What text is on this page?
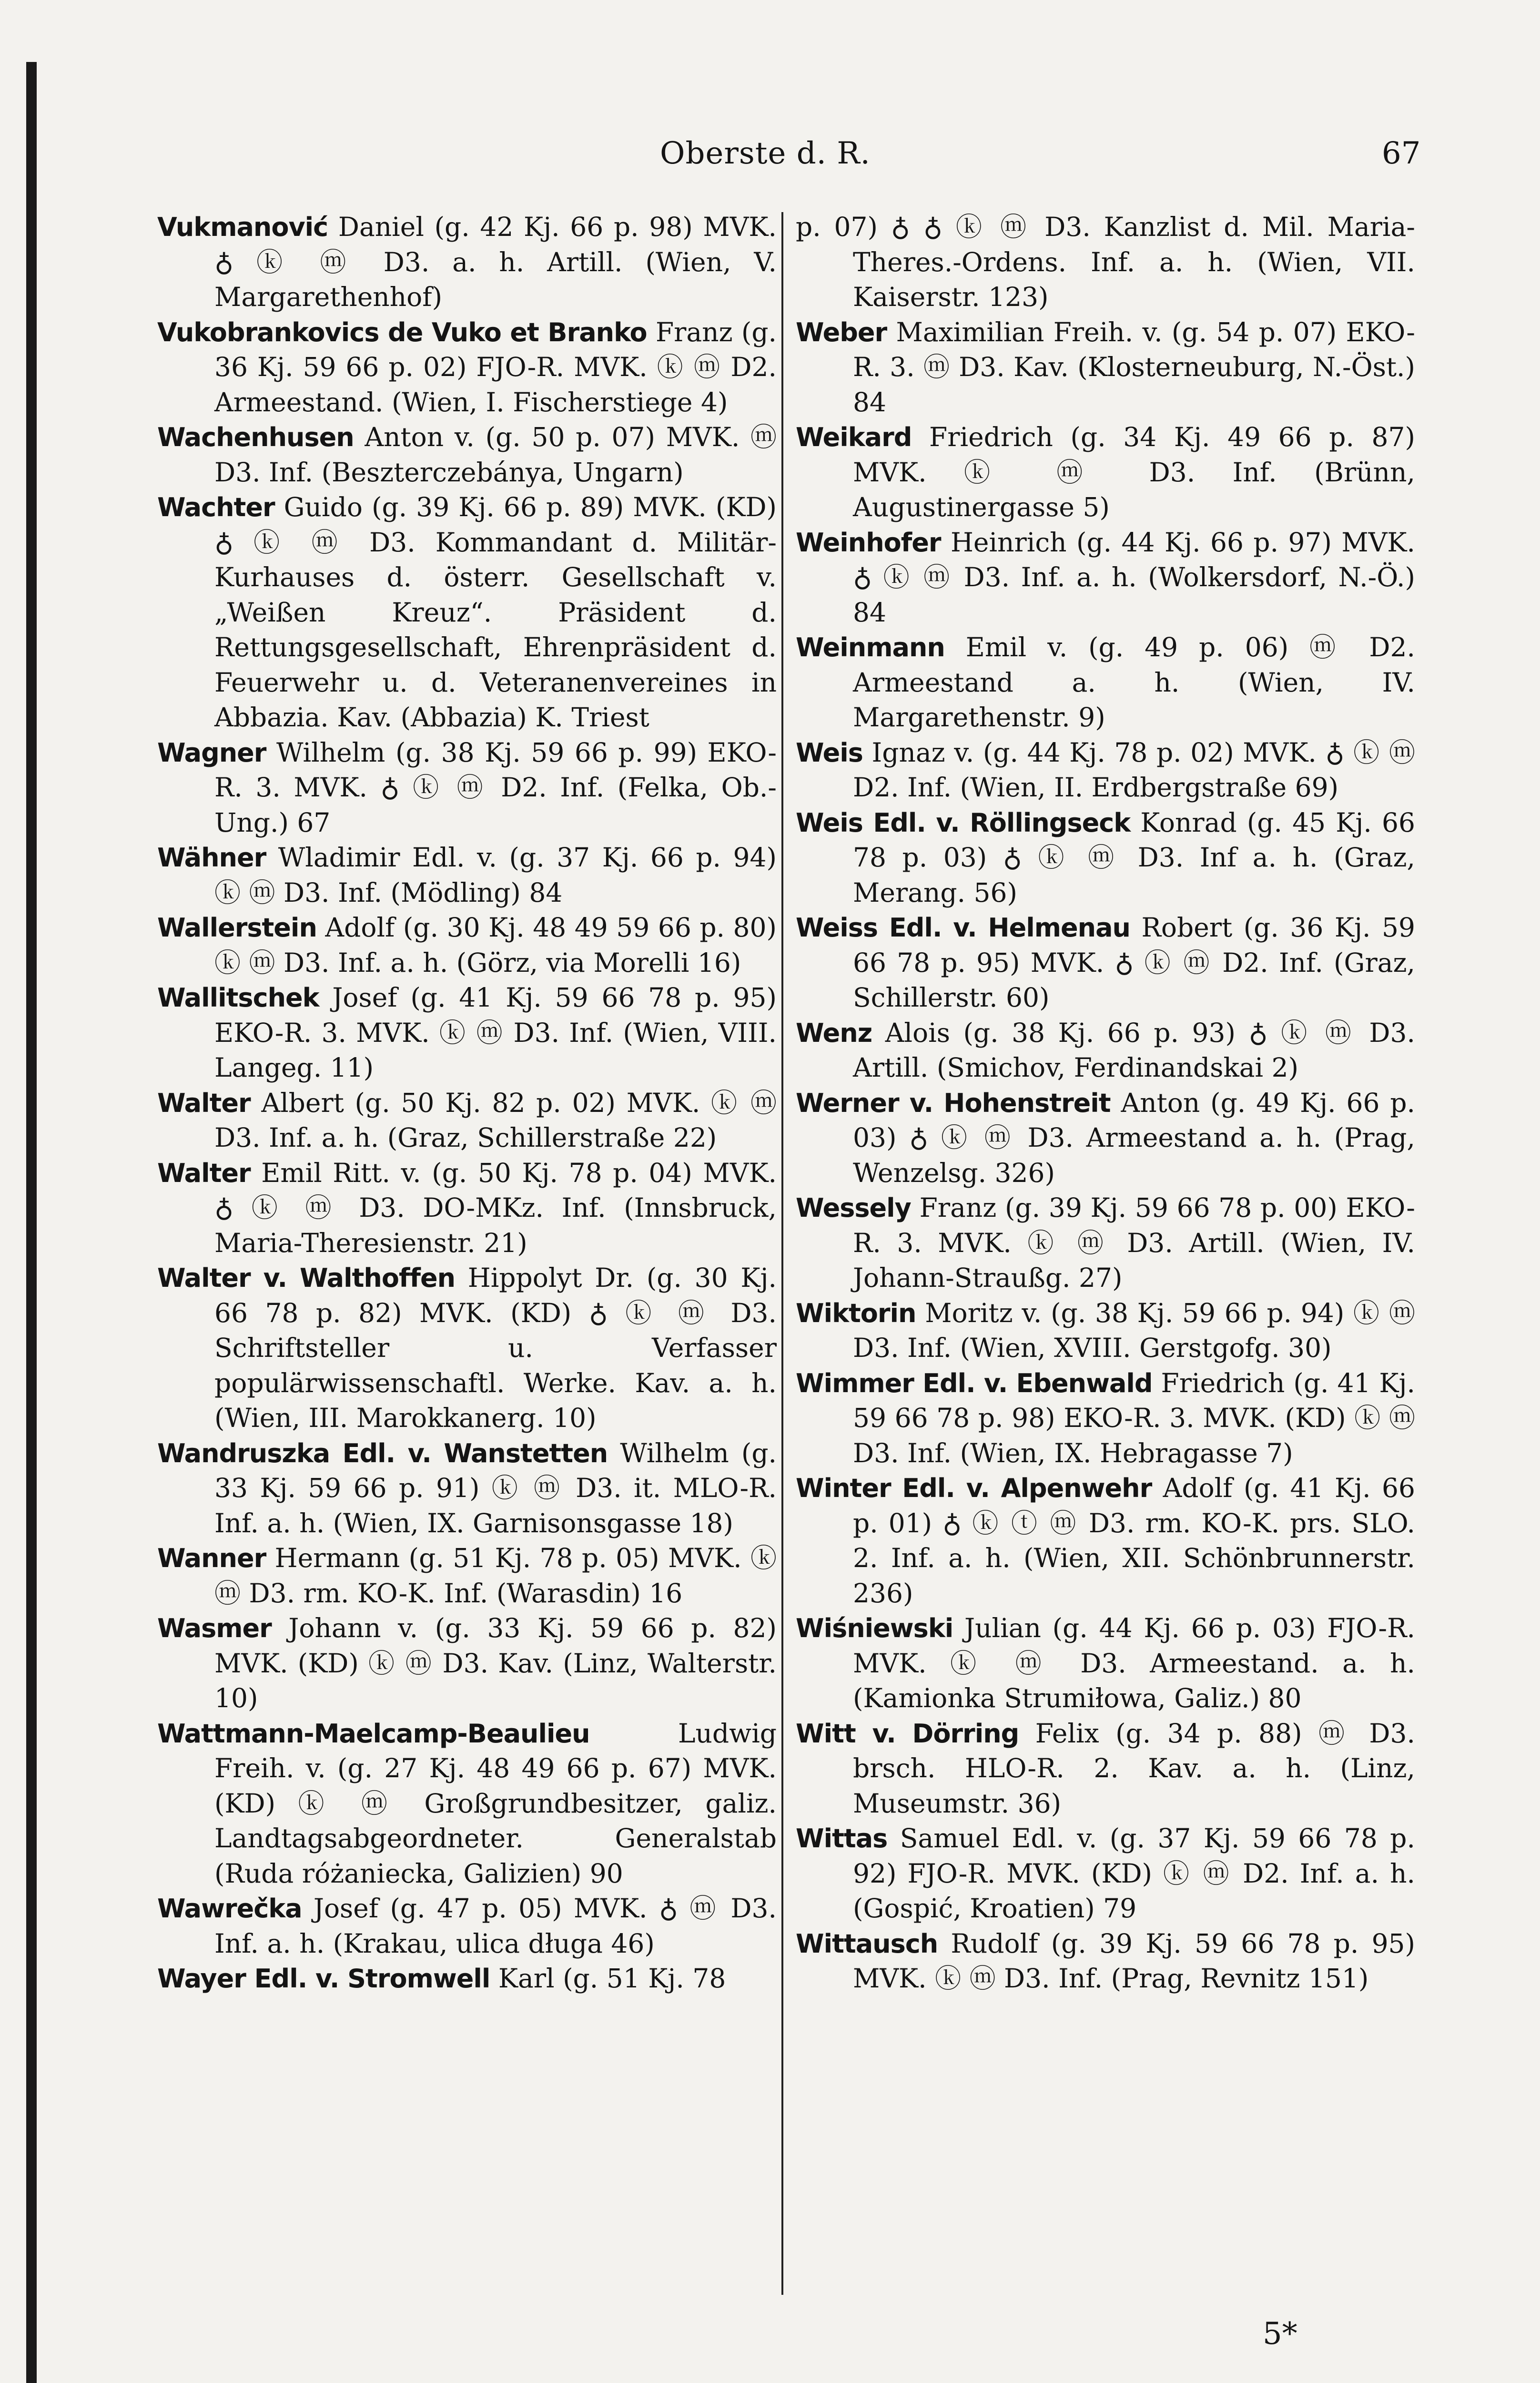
Oberste d. R.	67

Vukmanović Daniel (g. 42 Kj. 66 p. 98) MVK. ♁ ⓚ ⓜ D3. a. h. Artill. (Wien, V. Margarethenhof)

Vukobrankovics de Vuko et Branko Franz (g. 36 Kj. 59 66 p. 02) FJO-R. MVK. ⓚ ⓜ D2. Armeestand. (Wien, I. Fischerstiege 4)

Wachenhusen Anton v. (g. 50 p. 07) MVK. ⓜ D3. Inf. (Beszterczebánya, Ungarn)

Wachter Guido (g. 39 Kj. 66 p. 89) MVK. (KD) ♁ ⓚ ⓜ D3. Kommandant d. Militär-Kurhauses d. österr. Gesellschaft v. „Weißen Kreuz“. Präsident d. Rettungsgesellschaft, Ehrenpräsident d. Feuerwehr u. d. Veteranenvereines in Abbazia. Kav. (Abbazia) K. Triest

Wagner Wilhelm (g. 38 Kj. 59 66 p. 99) EKO-R. 3. MVK. ♁ ⓚ ⓜ D2. Inf. (Felka, Ob.-Ung.) 67

Wähner Wladimir Edl. v. (g. 37 Kj. 66 p. 94) ⓚ ⓜ D3. Inf. (Mödling) 84

Wallerstein Adolf (g. 30 Kj. 48 49 59 66 p. 80) ⓚ ⓜ D3. Inf. a. h. (Görz, via Morelli 16)

Wallitschek Josef (g. 41 Kj. 59 66 78 p. 95) EKO-R. 3. MVK. ⓚ ⓜ D3. Inf. (Wien, VIII. Langeg. 11)

Walter Albert (g. 50 Kj. 82 p. 02) MVK. ⓚ ⓜ D3. Inf. a. h. (Graz, Schillerstraße 22)

Walter Emil Ritt. v. (g. 50 Kj. 78 p. 04) MVK. ♁ ⓚ ⓜ D3. DO-MKz. Inf. (Innsbruck, Maria-Theresienstr. 21)

Walter v. Walthoffen Hippolyt Dr. (g. 30 Kj. 66 78 p. 82) MVK. (KD) ♁ ⓚ ⓜ D3. Schriftsteller u. Verfasser populärwissenschaftl. Werke. Kav. a. h. (Wien, III. Marokkanerg. 10)

Wandruszka Edl. v. Wanstetten Wilhelm (g. 33 Kj. 59 66 p. 91) ⓚ ⓜ D3. it. MLO-R. Inf. a. h. (Wien, IX. Garnisonsgasse 18)

Wanner Hermann (g. 51 Kj. 78 p. 05) MVK. ⓚ ⓜ D3. rm. KO-K. Inf. (Warasdin) 16

Wasmer Johann v. (g. 33 Kj. 59 66 p. 82) MVK. (KD) ⓚ ⓜ D3. Kav. (Linz, Walterstr. 10)

Wattmann-Maelcamp-Beaulieu	Ludwig Freih. v. (g. 27 Kj. 48 49 66 p. 67) MVK. (KD) ⓚ ⓜ Großgrundbesitzer, galiz. Landtagsabgeordneter. Generalstab (Ruda różaniecka, Galizien) 90

Wawrečka Josef (g. 47 p. 05) MVK. ♁ ⓜ D3. Inf. a. h. (Krakau, ulica długa 46)

Wayer Edl. v. Stromwell Karl (g. 51 Kj. 78

p. 07) ♁ ♁ ⓚ ⓜ D3. Kanzlist d. Mil. Maria-Theres.-Ordens. Inf. a. h. (Wien, VII. Kaiserstr. 123)

Weber Maximilian Freih. v. (g. 54 p. 07) EKO-R. 3. ⓜ D3. Kav. (Klosterneuburg, N.-Öst.) 84

Weikard Friedrich (g. 34 Kj. 49 66 p. 87) MVK. ⓚ ⓜ D3. Inf. (Brünn, Augustinergasse 5)

Weinhofer Heinrich (g. 44 Kj. 66 p. 97) MVK. ♁ ⓚ ⓜ D3. Inf. a. h. (Wolkersdorf, N.-Ö.) 84

Weinmann Emil v. (g. 49 p. 06) ⓜ D2. Armeestand a. h. (Wien, IV. Margarethenstr. 9)

Weis Ignaz v. (g. 44 Kj. 78 p. 02) MVK. ♁ ⓚ ⓜ D2. Inf. (Wien, II. Erdbergstraße 69)

Weis Edl. v. Röllingseck Konrad (g. 45 Kj. 66 78 p. 03) ♁ ⓚ ⓜ D3. Inf a. h. (Graz, Merang. 56)

Weiss Edl. v. Helmenau Robert (g. 36 Kj. 59 66 78 p. 95) MVK. ♁ ⓚ ⓜ D2. Inf. (Graz, Schillerstr. 60)

Wenz Alois (g. 38 Kj. 66 p. 93) ♁ ⓚ ⓜ D3. Artill. (Smichov, Ferdinandskai 2)

Werner v. Hohenstreit Anton (g. 49 Kj. 66 p. 03) ♁ ⓚ ⓜ D3. Armeestand a. h. (Prag, Wenzelsg. 326)

Wessely Franz (g. 39 Kj. 59 66 78 p. 00) EKO-R. 3. MVK. ⓚ ⓜ D3. Artill. (Wien, IV. Johann-Straußg. 27)

Wiktorin Moritz v. (g. 38 Kj. 59 66 p. 94) ⓚ ⓜ D3. Inf. (Wien, XVIII. Gerstgofg. 30)

Wimmer Edl. v. Ebenwald Friedrich (g. 41 Kj. 59 66 78 p. 98) EKO-R. 3. MVK. (KD) ⓚ ⓜ D3. Inf. (Wien, IX. Hebragasse 7)

Winter Edl. v. Alpenwehr Adolf (g. 41 Kj. 66 p. 01) ♁ ⓚ ⓣ ⓜ D3. rm. KO-K. prs. SLO. 2. Inf. a. h. (Wien, XII. Schönbrunnerstr. 236)

Wiśniewski Julian (g. 44 Kj. 66 p. 03) FJO-R. MVK. ⓚ ⓜ D3. Armeestand. a. h. (Kamionka Strumiłowa, Galiz.) 80

Witt v. Dörring Felix (g. 34 p. 88) ⓜ D3. brsch. HLO-R. 2. Kav. a. h. (Linz, Museumstr. 36)

Wittas Samuel Edl. v. (g. 37 Kj. 59 66 78 p. 92) FJO-R. MVK. (KD) ⓚ ⓜ D2. Inf. a. h. (Gospić, Kroatien) 79

Wittausch Rudolf (g. 39 Kj. 59 66 78 p. 95) MVK. ⓚ ⓜ D3. Inf. (Prag, Revnitz 151)

5*
